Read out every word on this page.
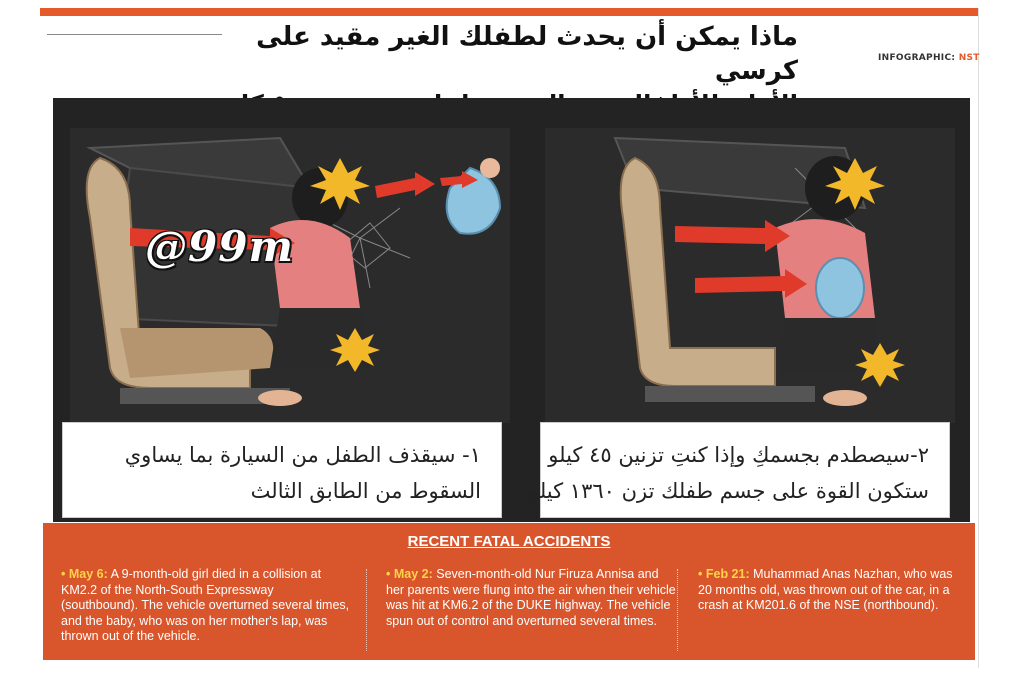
ماذا يمكن أن يحدث لطفلك الغير مقيد على كرسي	INFOGRAPHIC: NST
@99m
١- سيقذف الطفل من السيارة بما يساوي
السقوط من الطابق الثالث
٢-سيصطدم بجسمكِ وإذا كنتِ تزنين ٤٥ كيلو
ستكون القوة على جسم طفلك تزن ١٣٦٠ كيلو
RECENT FATAL ACCIDENTS
• May 6: A 9-month-old girl died in a collision at KM2.2 of the North-South Expressway (southbound). The vehicle overturned several times, and the baby, who was on her mother's lap, was thrown out of the vehicle.
• May 2: Seven-month-old Nur Firuza Annisa and her parents were flung into the air when their vehicle was hit at KM6.2 of the DUKE highway. The vehicle spun out of control and overturned several times.
• Feb 21: Muhammad Anas Nazhan, who was 20 months old, was thrown out of the car, in a crash at KM201.6 of the NSE (northbound).
